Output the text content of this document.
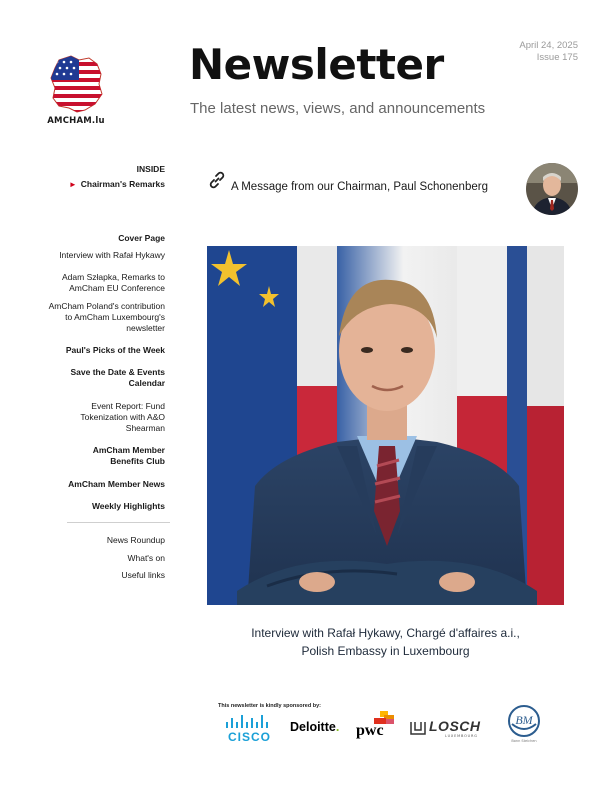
AMCHAM.lu
Newsletter
The latest news, views, and announcements
April 24, 2025
Issue 175
INSIDE
► Chairman's Remarks
Cover Page
Interview with Rafał Hykawy
Adam Szłapka, Remarks to AmCham EU Conference
AmCham Poland's contribution to AmCham Luxembourg's newsletter
Paul's Picks of the Week
Save the Date & Events Calendar
Event Report: Fund Tokenization with A&O Shearman
AmCham Member Benefits Club
AmCham Member News
Weekly Highlights
News Roundup
What's on
Useful links
A Message from our Chairman, Paul Schonenberg
Interview with Rafał Hykawy, Chargé d'affaires a.i.,
Polish Embassy in Luxembourg
This newsletter is kindly sponsored by:
CISCO
Deloitte. pwc	LOSCH
LUXEMBOURG
BM
Bonn Steichen
